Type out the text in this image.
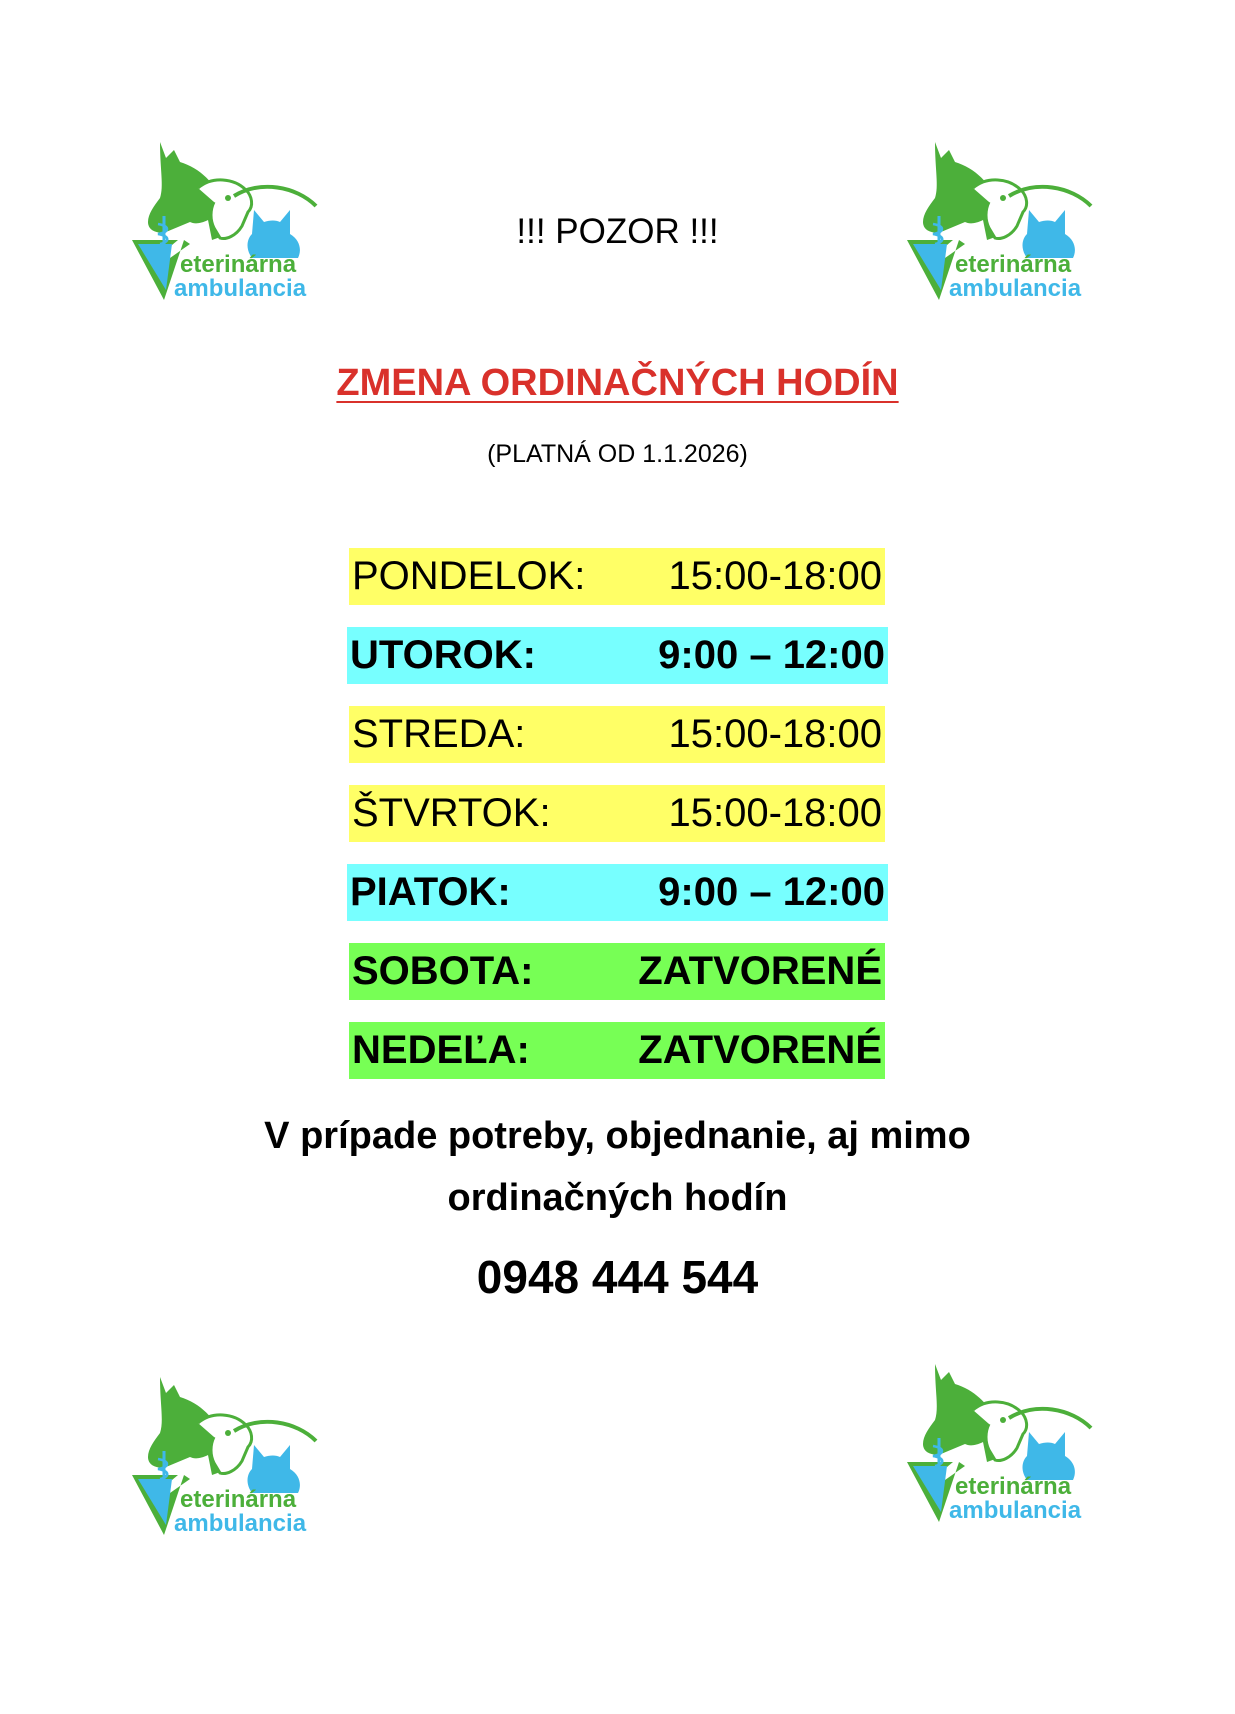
eterinárna
ambulancia
eterinárna
ambulancia
eterinárna
ambulancia
eterinárna
ambulancia
!!! POZOR !!!
ZMENA ORDINAČNÝCH HODÍN
(PLATNÁ OD 1.1.2026)
PONDELOK: 15:00-18:00
UTOROK:	9:00 – 12:00
STREDA:	15:00-18:00
ŠTVRTOK:	15:00-18:00
PIATOK:	9:00 – 12:00
SOBOTA:	ZATVORENÉ
NEDEĽA:	ZATVORENÉ
V prípade potreby, objednanie, aj mimo
ordinačných hodín
0948 444 544
